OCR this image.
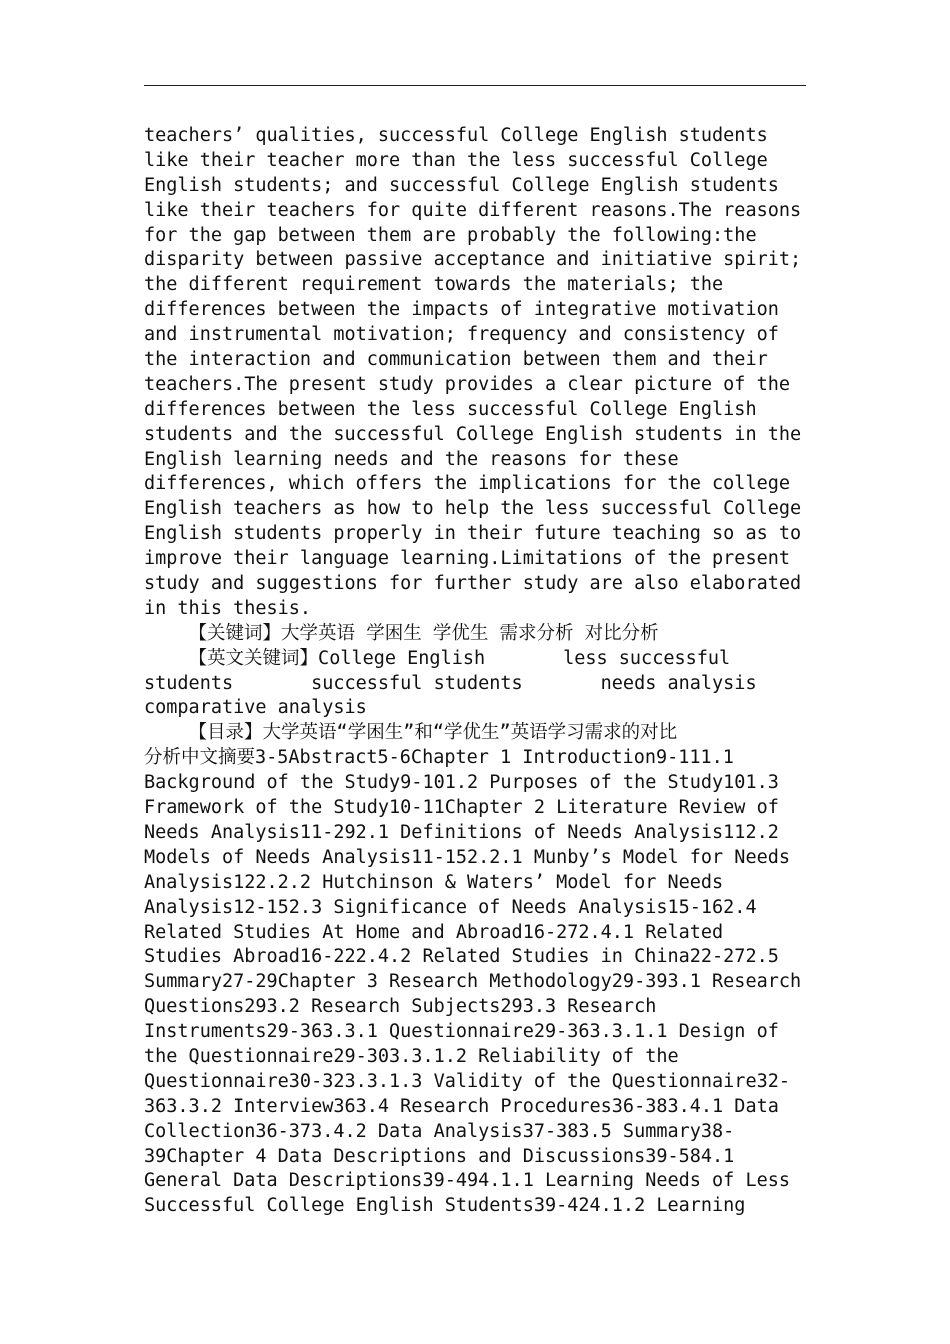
teachers’ qualities, successful College English students
like their teacher more than the less successful College
English students; and successful College English students
like their teachers for quite different reasons.The reasons
for the gap between them are probably the following:the
disparity between passive acceptance and initiative spirit;
the different requirement towards the materials; the
differences between the impacts of integrative motivation
and instrumental motivation; frequency and consistency of
the interaction and communication between them and their
teachers.The present study provides a clear picture of the
differences between the less successful College English
students and the successful College English students in the
English learning needs and the reasons for these
differences, which offers the implications for the college
English teachers as how to help the less successful College
English students properly in their future teaching so as to
improve their language learning.Limitations of the present
study and suggestions for further study are also elaborated
in this thesis.
【关键词】大学英语 学困生 学优生 需求分析 对比分析
【英文关键词】College English       less successful
students       successful students       needs analysis
comparative analysis
【目录】大学英语“学困生”和“学优生”英语学习需求的对比
分析中文摘要3-5Abstract5-6Chapter 1 Introduction9-111.1
Background of the Study9-101.2 Purposes of the Study101.3
Framework of the Study10-11Chapter 2 Literature Review of
Needs Analysis11-292.1 Definitions of Needs Analysis112.2
Models of Needs Analysis11-152.2.1 Munby’s Model for Needs
Analysis122.2.2 Hutchinson & Waters’ Model for Needs
Analysis12-152.3 Significance of Needs Analysis15-162.4
Related Studies At Home and Abroad16-272.4.1 Related
Studies Abroad16-222.4.2 Related Studies in China22-272.5
Summary27-29Chapter 3 Research Methodology29-393.1 Research
Questions293.2 Research Subjects293.3 Research
Instruments29-363.3.1 Questionnaire29-363.3.1.1 Design of
the Questionnaire29-303.3.1.2 Reliability of the
Questionnaire30-323.3.1.3 Validity of the Questionnaire32-
363.3.2 Interview363.4 Research Procedures36-383.4.1 Data
Collection36-373.4.2 Data Analysis37-383.5 Summary38-
39Chapter 4 Data Descriptions and Discussions39-584.1
General Data Descriptions39-494.1.1 Learning Needs of Less
Successful College English Students39-424.1.2 Learning
